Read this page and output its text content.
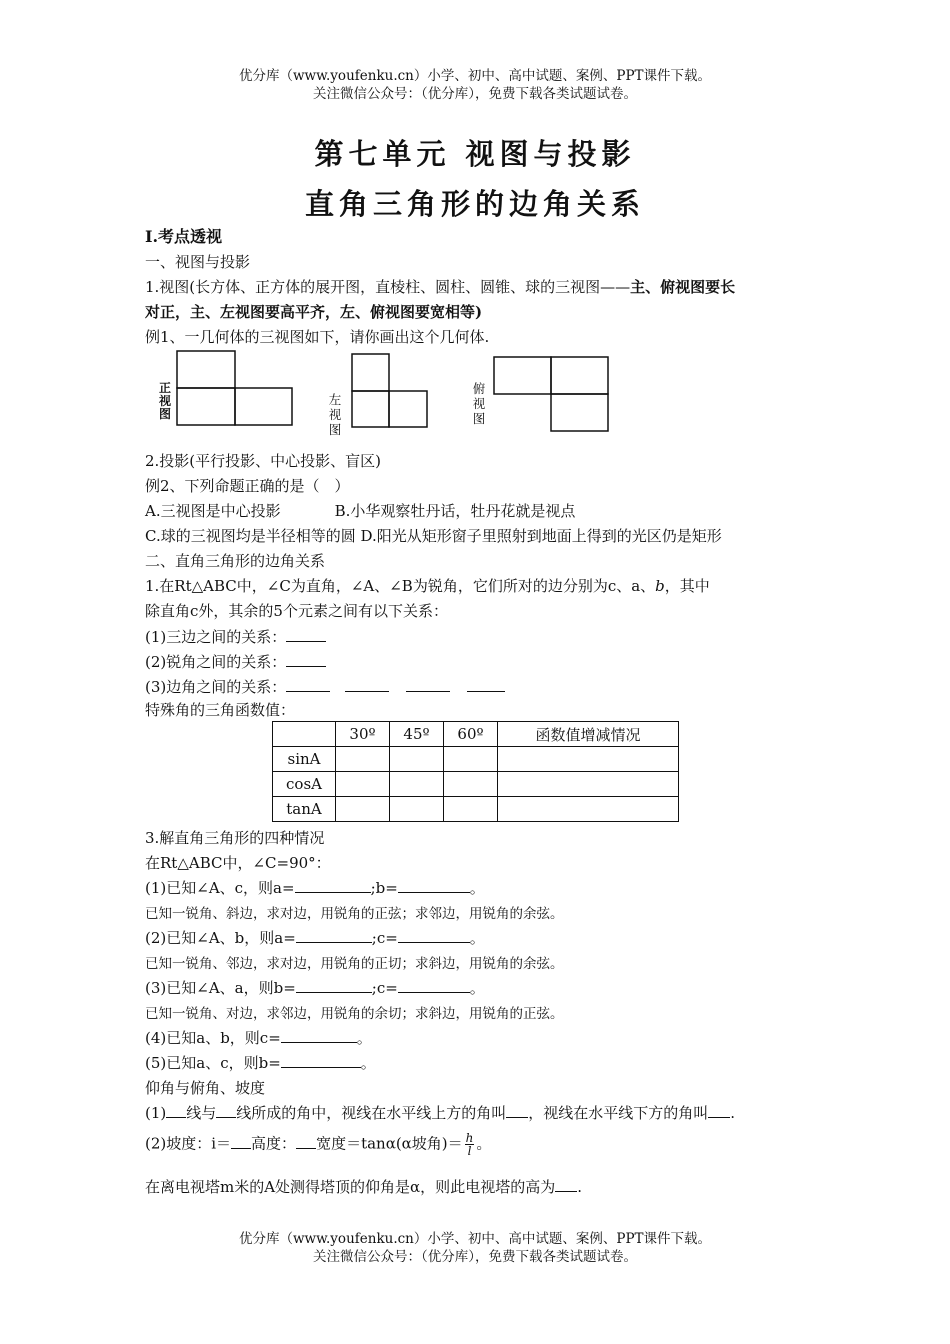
优分库（www.youfenku.cn）小学、初中、高中试题、案例、PPT课件下载。
关注微信公众号：（优分库），免费下载各类试题试卷。
第七单元 视图与投影
直角三角形的边角关系
Ⅰ.考点透视
一、视图与投影
1.视图(长方体、正方体的展开图，直棱柱、圆柱、圆锥、球的三视图——主、俯视图要长
对正，主、左视图要高平齐，左、俯视图要宽相等)
例1、一几何体的三视图如下，请你画出这个几何体.
正视图
左视图
俯视图
2.投影(平行投影、中心投影、盲区)
例2、下列命题正确的是（　）
A.三视图是中心投影	B.小华观察牡丹话，牡丹花就是视点
C.球的三视图均是半径相等的圆 D.阳光从矩形窗子里照射到地面上得到的光区仍是矩形
二、直角三角形的边角关系
1.在Rt△ABC中，∠C为直角，∠A、∠B为锐角，它们所对的边分别为c、a、b，其中
除直角c外，其余的5个元素之间有以下关系：
(1)三边之间的关系：
(2)锐角之间的关系：
(3)边角之间的关系：
特殊角的三角函数值：
	30º	45º	60º	函数值增减情况
sinA				
cosA				
tanA				
3.解直角三角形的四种情况
在Rt△ABC中，∠C=90°：
(1)已知∠A、c，则a=	;b=	。
已知一锐角、斜边，求对边，用锐角的正弦；求邻边，用锐角的余弦。
(2)已知∠A、b，则a=	;c=	。
已知一锐角、邻边，求对边，用锐角的正切；求斜边，用锐角的余弦。
(3)已知∠A、a，则b=	;c=	。
已知一锐角、对边，求邻边，用锐角的余切；求斜边，用锐角的正弦。
(4)已知a、b，则c=	。
(5)已知a、c，则b=	。
仰角与俯角、坡度
(1) 线与 线所成的角中，视线在水平线上方的角叫 ，视线在水平线下方的角叫 .
(2)坡度：i＝ 高度： 宽度＝tanα(α坡角)＝ $\frac{h}{l}$ 。
在离电视塔m米的A处测得塔顶的仰角是α，则此电视塔的高为 .
优分库（www.youfenku.cn）小学、初中、高中试题、案例、PPT课件下载。
关注微信公众号：（优分库），免费下载各类试题试卷。
